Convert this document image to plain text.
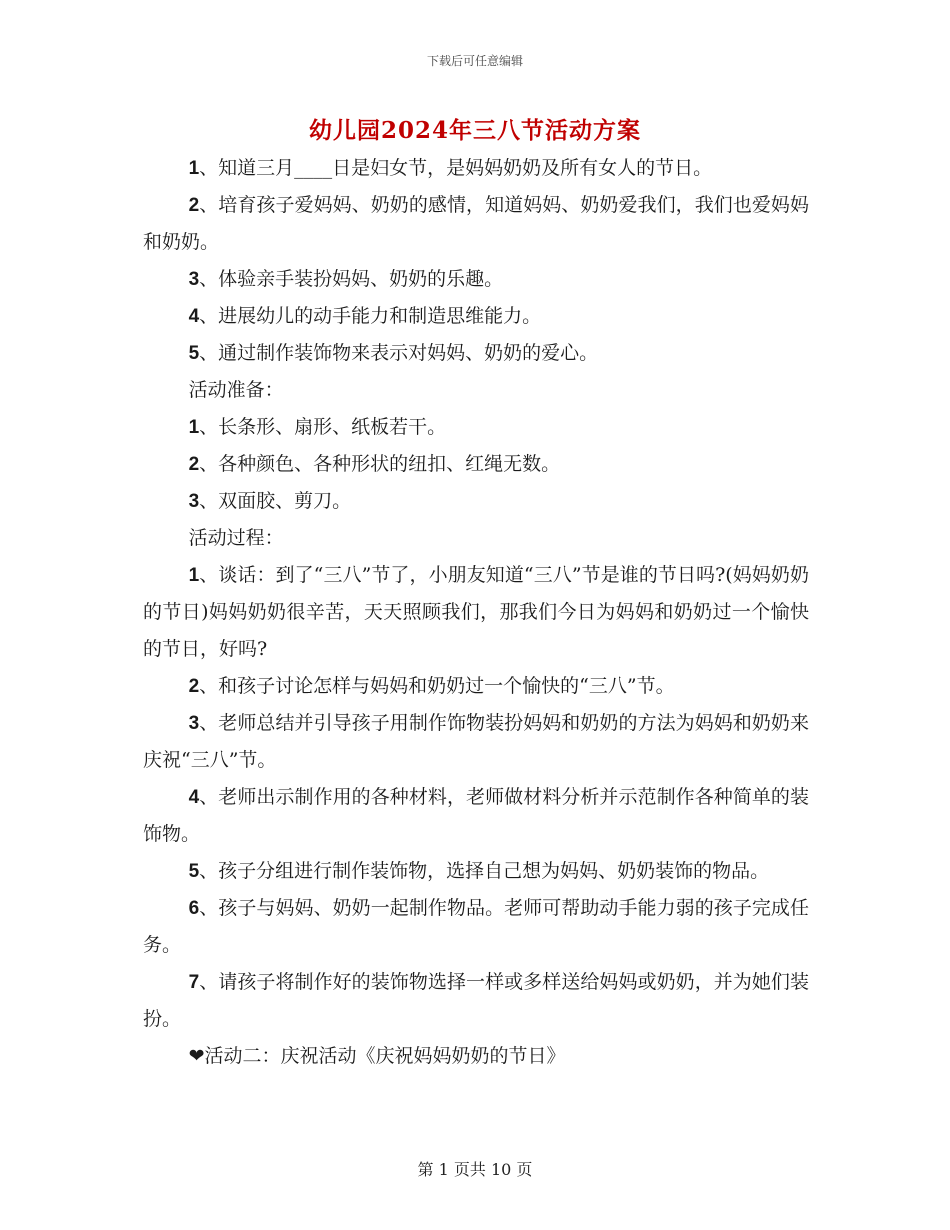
下载后可任意编辑
幼儿园2024年三八节活动方案

1、知道三月____日是妇女节，是妈妈奶奶及所有女人的节日。

2、培育孩子爱妈妈、奶奶的感情，知道妈妈、奶奶爱我们，我们也爱妈妈和奶奶。

3、体验亲手装扮妈妈、奶奶的乐趣。

4、进展幼儿的动手能力和制造思维能力。

5、通过制作装饰物来表示对妈妈、奶奶的爱心。

活动准备：

1、长条形、扇形、纸板若干。

2、各种颜色、各种形状的纽扣、红绳无数。

3、双面胶、剪刀。

活动过程：

1、谈话：到了“三八”节了，小朋友知道“三八”节是谁的节日吗?(妈妈奶奶的节日)妈妈奶奶很辛苦，天天照顾我们，那我们今日为妈妈和奶奶过一个愉快的节日，好吗?

2、和孩子讨论怎样与妈妈和奶奶过一个愉快的“三八”节。

3、老师总结并引导孩子用制作饰物装扮妈妈和奶奶的方法为妈妈和奶奶来庆祝“三八”节。

4、老师出示制作用的各种材料，老师做材料分析并示范制作各种简单的装饰物。

5、孩子分组进行制作装饰物，选择自己想为妈妈、奶奶装饰的物品。

6、孩子与妈妈、奶奶一起制作物品。老师可帮助动手能力弱的孩子完成任务。

7、请孩子将制作好的装饰物选择一样或多样送给妈妈或奶奶，并为她们装扮。

❤活动二：庆祝活动《庆祝妈妈奶奶的节日》

第 1 页共 10 页
